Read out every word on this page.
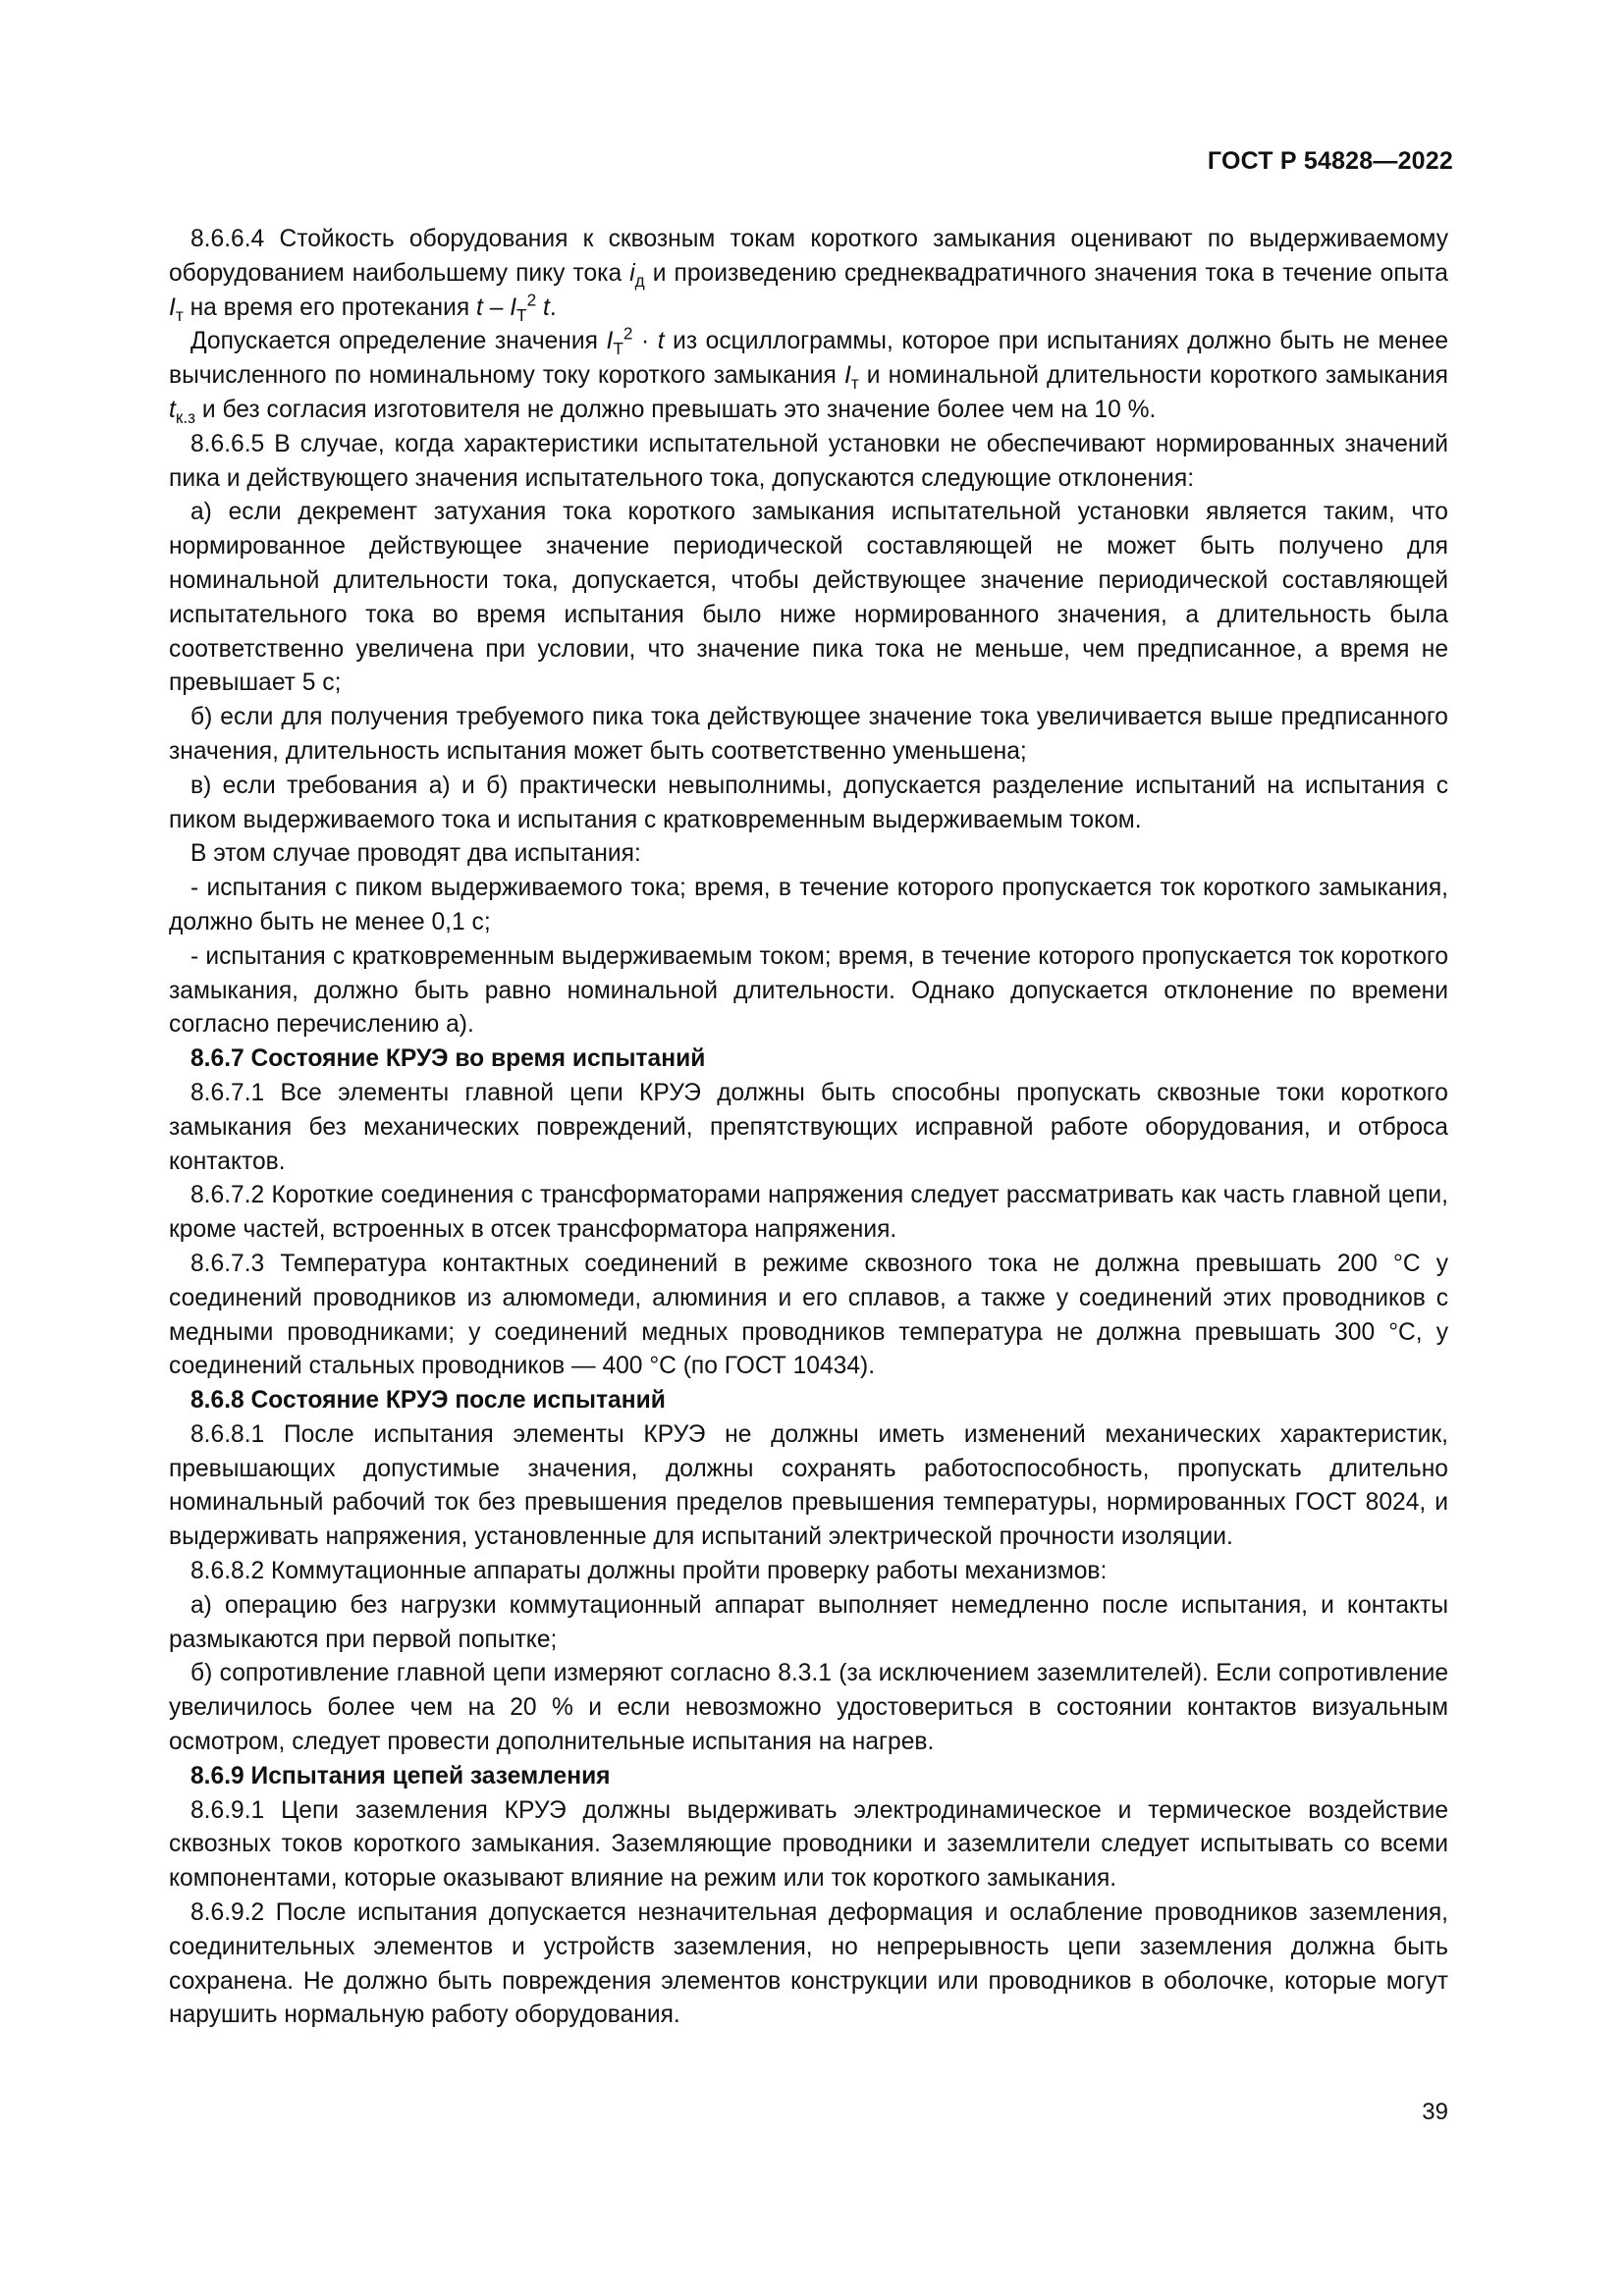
ГОСТ Р 54828—2022

8.6.6.4 Стойкость оборудования к сквозным токам короткого замыкания оценивают по выдерживаемому оборудованием наибольшему пику тока $i_д$ и произведению среднеквадратичного значения тока в течение опыта $I_т$ на время его протекания t – $I_Т^2$ t.

Допускается определение значения $I_Т^2 \cdot t$ из осциллограммы, которое при испытаниях должно быть не менее вычисленного по номинальному току короткого замыкания $I_т$ и номинальной длительности короткого замыкания $t_{к.з}$ и без согласия изготовителя не должно превышать это значение более чем на 10 %.

8.6.6.5 В случае, когда характеристики испытательной установки не обеспечивают нормированных значений пика и действующего значения испытательного тока, допускаются следующие отклонения:

а) если декремент затухания тока короткого замыкания испытательной установки является таким, что нормированное действующее значение периодической составляющей не может быть получено для номинальной длительности тока, допускается, чтобы действующее значение периодической составляющей испытательного тока во время испытания было ниже нормированного значения, а длительность была соответственно увеличена при условии, что значение пика тока не меньше, чем предписанное, а время не превышает 5 с;

б) если для получения требуемого пика тока действующее значение тока увеличивается выше предписанного значения, длительность испытания может быть соответственно уменьшена;

в) если требования а) и б) практически невыполнимы, допускается разделение испытаний на испытания с пиком выдерживаемого тока и испытания с кратковременным выдерживаемым током.

В этом случае проводят два испытания:

- испытания с пиком выдерживаемого тока; время, в течение которого пропускается ток короткого замыкания, должно быть не менее 0,1 с;

- испытания с кратковременным выдерживаемым током; время, в течение которого пропускается ток короткого замыкания, должно быть равно номинальной длительности. Однако допускается отклонение по времени согласно перечислению а).

8.6.7 Состояние КРУЭ во время испытаний

8.6.7.1 Все элементы главной цепи КРУЭ должны быть способны пропускать сквозные токи короткого замыкания без механических повреждений, препятствующих исправной работе оборудования, и отброса контактов.

8.6.7.2 Короткие соединения с трансформаторами напряжения следует рассматривать как часть главной цепи, кроме частей, встроенных в отсек трансформатора напряжения.

8.6.7.3 Температура контактных соединений в режиме сквозного тока не должна превышать 200 °С у соединений проводников из алюмомеди, алюминия и его сплавов, а также у соединений этих проводников с медными проводниками; у соединений медных проводников температура не должна превышать 300 °С, у соединений стальных проводников — 400 °С (по ГОСТ 10434).

8.6.8 Состояние КРУЭ после испытаний

8.6.8.1 После испытания элементы КРУЭ не должны иметь изменений механических характеристик, превышающих допустимые значения, должны сохранять работоспособность, пропускать длительно номинальный рабочий ток без превышения пределов превышения температуры, нормированных ГОСТ 8024, и выдерживать напряжения, установленные для испытаний электрической прочности изоляции.

8.6.8.2 Коммутационные аппараты должны пройти проверку работы механизмов:

а) операцию без нагрузки коммутационный аппарат выполняет немедленно после испытания, и контакты размыкаются при первой попытке;

б) сопротивление главной цепи измеряют согласно 8.3.1 (за исключением заземлителей). Если сопротивление увеличилось более чем на 20 % и если невозможно удостовериться в состоянии контактов визуальным осмотром, следует провести дополнительные испытания на нагрев.

8.6.9 Испытания цепей заземления

8.6.9.1 Цепи заземления КРУЭ должны выдерживать электродинамическое и термическое воздействие сквозных токов короткого замыкания. Заземляющие проводники и заземлители следует испытывать со всеми компонентами, которые оказывают влияние на режим или ток короткого замыкания.

8.6.9.2 После испытания допускается незначительная деформация и ослабление проводников заземления, соединительных элементов и устройств заземления, но непрерывность цепи заземления должна быть сохранена. Не должно быть повреждения элементов конструкции или проводников в оболочке, которые могут нарушить нормальную работу оборудования.

39
